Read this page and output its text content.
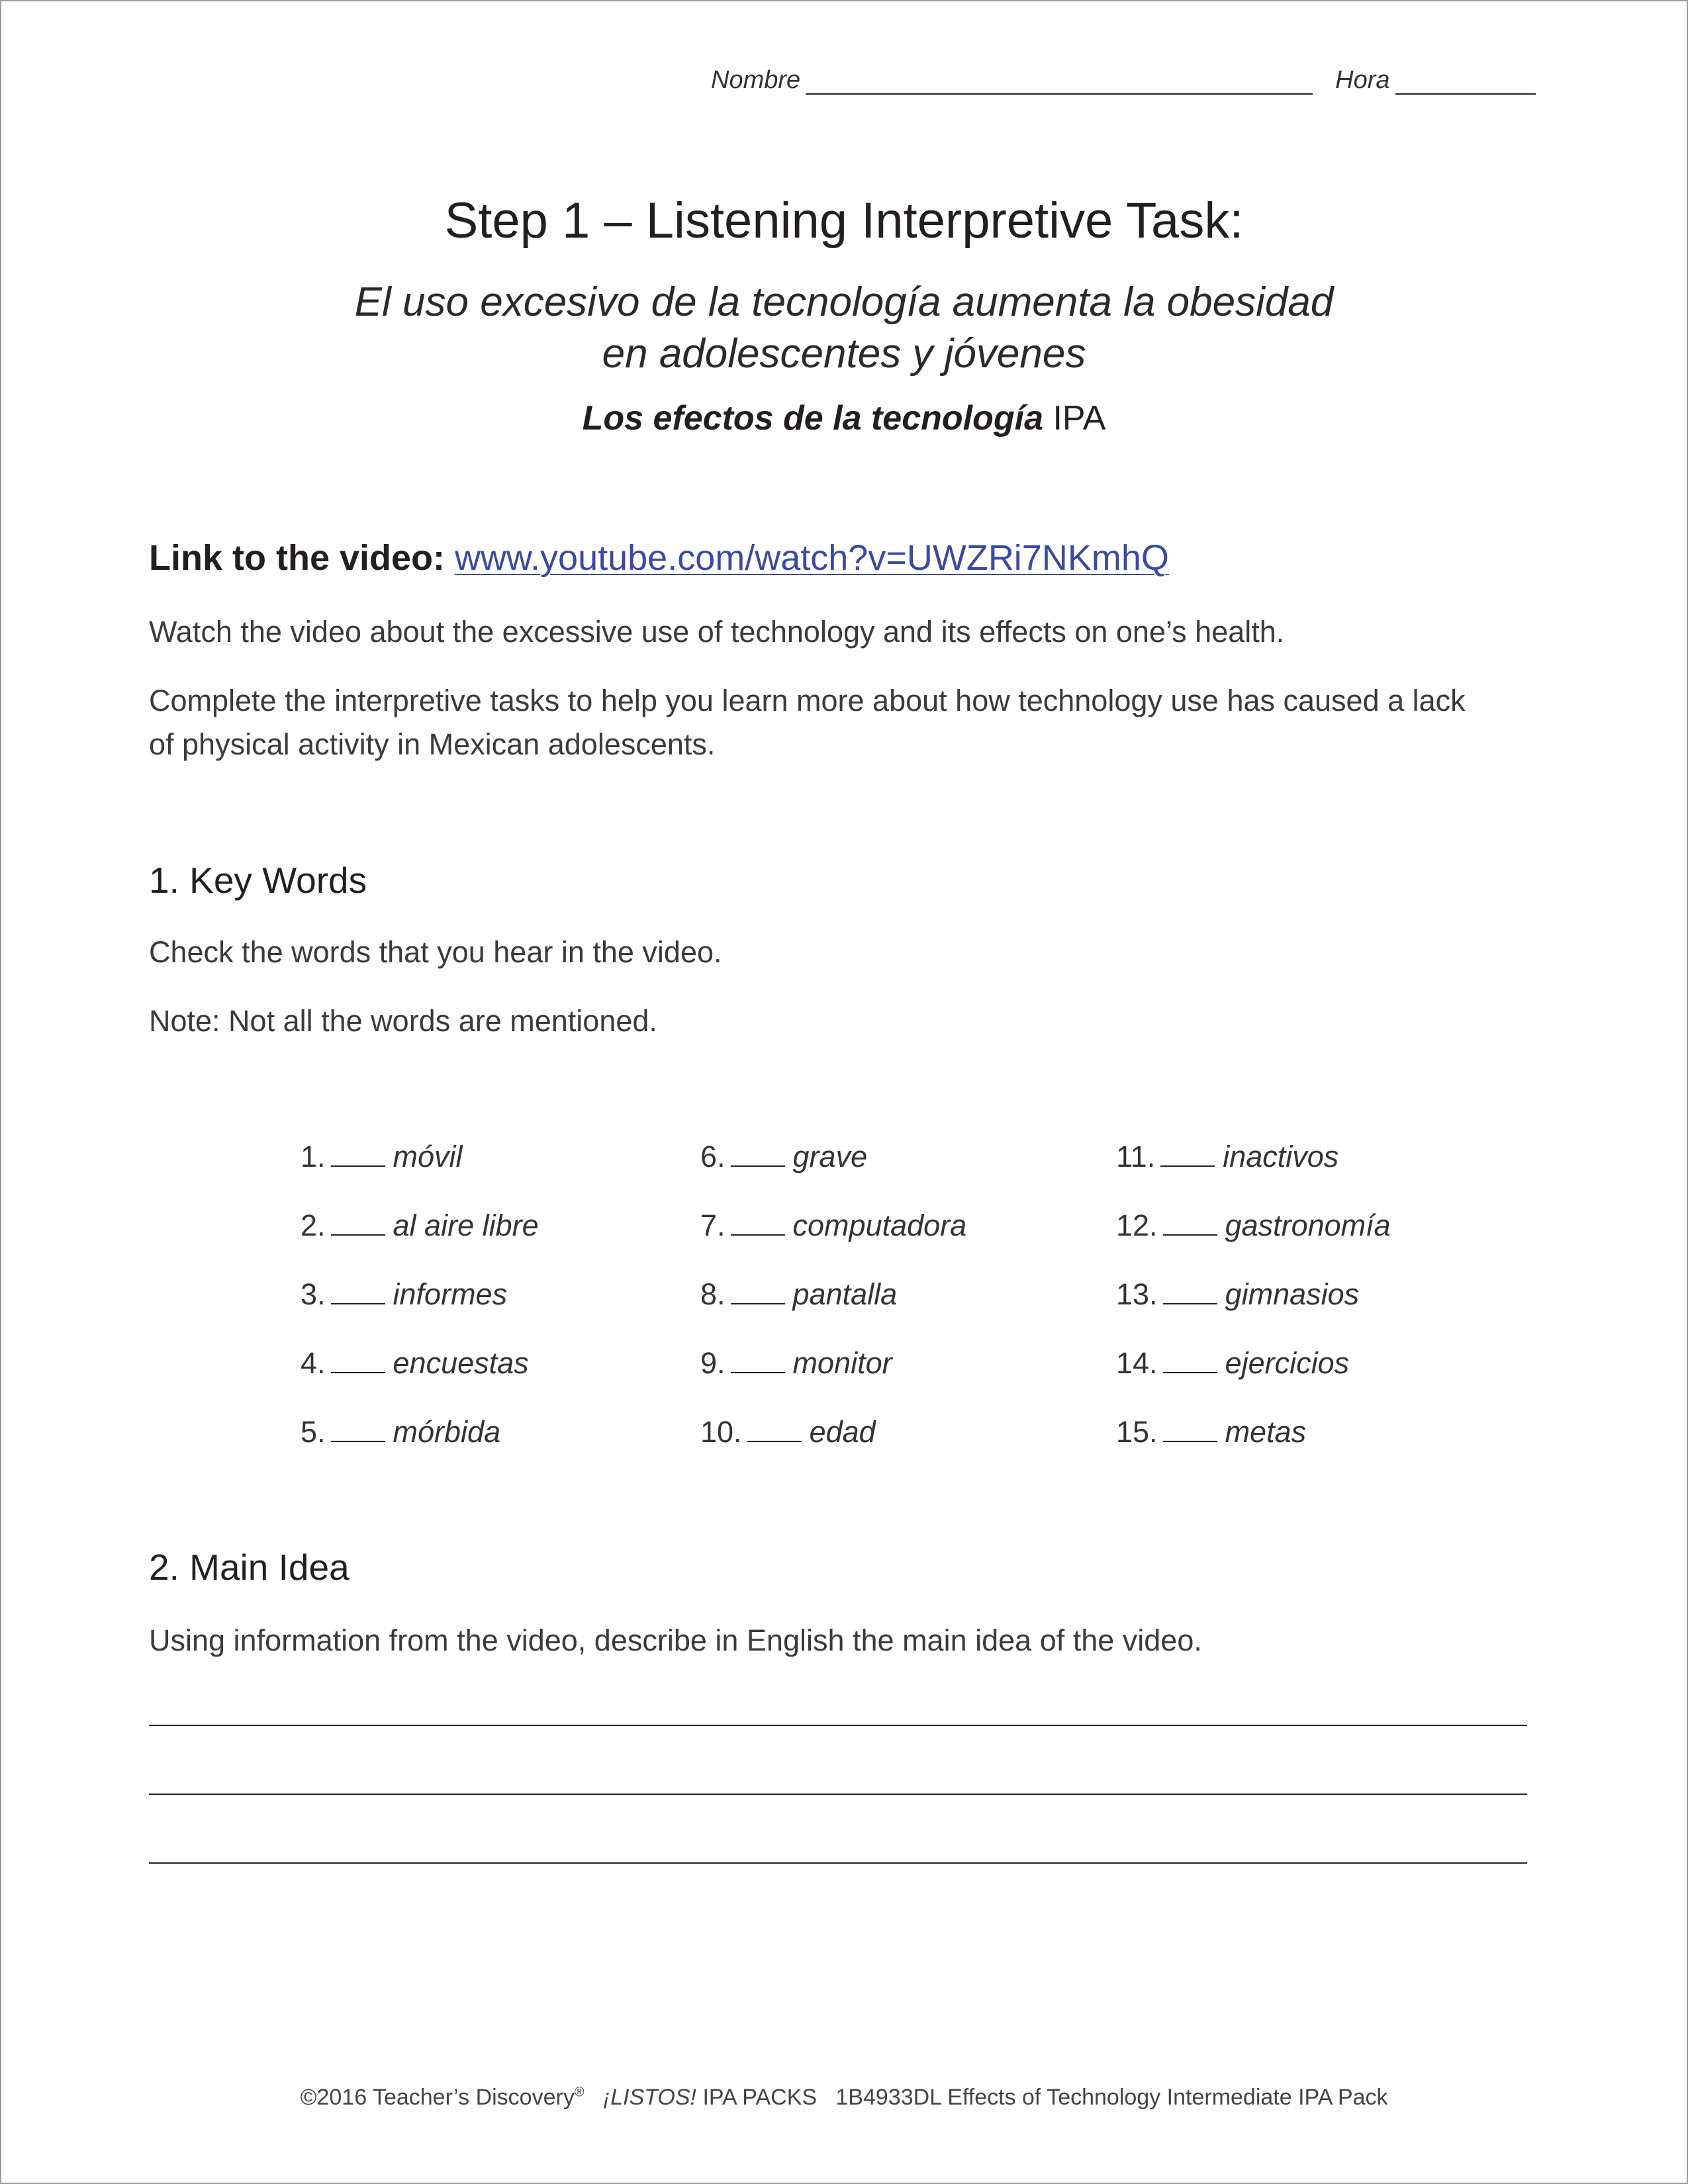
Nombre	Hora
Step 1 – Listening Interpretive Task:
El uso excesivo de la tecnología aumenta la obesidad
en adolescentes y jóvenes
Los efectos de la tecnología IPA
Link to the video: www.youtube.com/watch?v=UWZRi7NKmhQ
Watch the video about the excessive use of technology and its effects on one’s health.
Complete the interpretive tasks to help you learn more about how technology use has caused a lack
of physical activity in Mexican adolescents.
1. Key Words
Check the words that you hear in the video.
Note: Not all the words are mentioned.
1. móvil
2. al aire libre
3. informes
4. encuestas
5. mórbida
6. grave
7. computadora
8. pantalla
9. monitor
10. edad
11. inactivos
12. gastronomía
13. gimnasios
14. ejercicios
15. metas
2. Main Idea
Using information from the video, describe in English the main idea of the video.
©2016 Teacher’s Discovery® ¡LISTOS! IPA PACKS 1B4933DL Effects of Technology Intermediate IPA Pack
